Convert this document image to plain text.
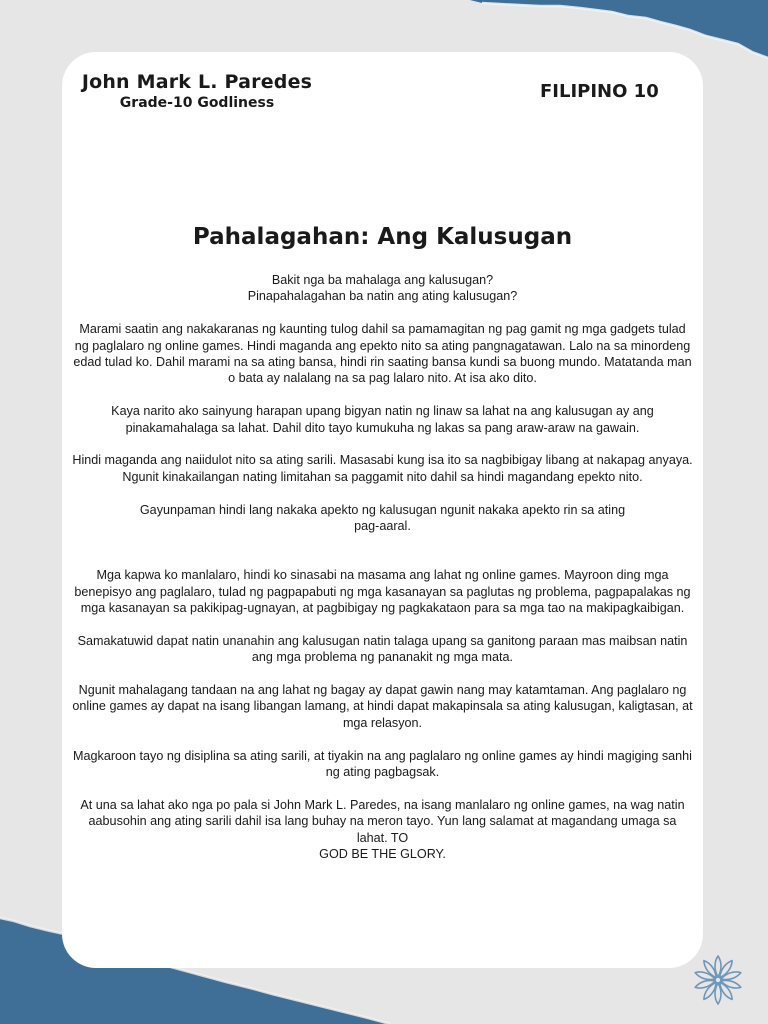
John Mark L. Paredes
Grade-10 Godliness
FILIPINO 10
Pahalagahan: Ang Kalusugan

Bakit nga ba mahalaga ang kalusugan?
Pinapahalagahan ba natin ang ating kalusugan?

Marami saatin ang nakakaranas ng kaunting tulog dahil sa pamamagitan ng pag gamit ng mga gadgets tulad ng paglalaro ng online games. Hindi maganda ang epekto nito sa ating pangnagatawan. Lalo na sa minordeng edad tulad ko. Dahil marami na sa ating bansa, hindi rin saating bansa kundi sa buong mundo. Matatanda man o bata ay nalalang na sa pag lalaro nito. At isa ako dito.

Kaya narito ako sainyung harapan upang bigyan natin ng linaw sa lahat na ang kalusugan ay ang pinakamahalaga sa lahat. Dahil dito tayo kumukuha ng lakas sa pang araw-araw na gawain.

Hindi maganda ang naiidulot nito sa ating sarili. Masasabi kung isa ito sa nagbibigay libang at nakapag anyaya. Ngunit kinakailangan nating limitahan sa paggamit nito dahil sa hindi magandang epekto nito.

Gayunpaman hindi lang nakaka apekto ng kalusugan ngunit nakaka apekto rin sa ating
pag-aaral.

Mga kapwa ko manlalaro, hindi ko sinasabi na masama ang lahat ng online games. Mayroon ding mga benepisyo ang paglalaro, tulad ng pagpapabuti ng mga kasanayan sa paglutas ng problema, pagpapalakas ng mga kasanayan sa pakikipag-ugnayan, at pagbibigay ng pagkakataon para sa mga tao na makipagkaibigan.

Samakatuwid dapat natin unanahin ang kalusugan natin talaga upang sa ganitong paraan mas maibsan natin ang mga problema ng pananakit ng mga mata.

Ngunit mahalagang tandaan na ang lahat ng bagay ay dapat gawin nang may katamtaman. Ang paglalaro ng online games ay dapat na isang libangan lamang, at hindi dapat makapinsala sa ating kalusugan, kaligtasan, at mga relasyon.

Magkaroon tayo ng disiplina sa ating sarili, at tiyakin na ang paglalaro ng online games ay hindi magiging sanhi ng ating pagbagsak.

At una sa lahat ako nga po pala si John Mark L. Paredes, na isang manlalaro ng online games, na wag natin aabusohin ang ating sarili dahil isa lang buhay na meron tayo. Yun lang salamat at magandang umaga sa lahat. TO
GOD BE THE GLORY.
